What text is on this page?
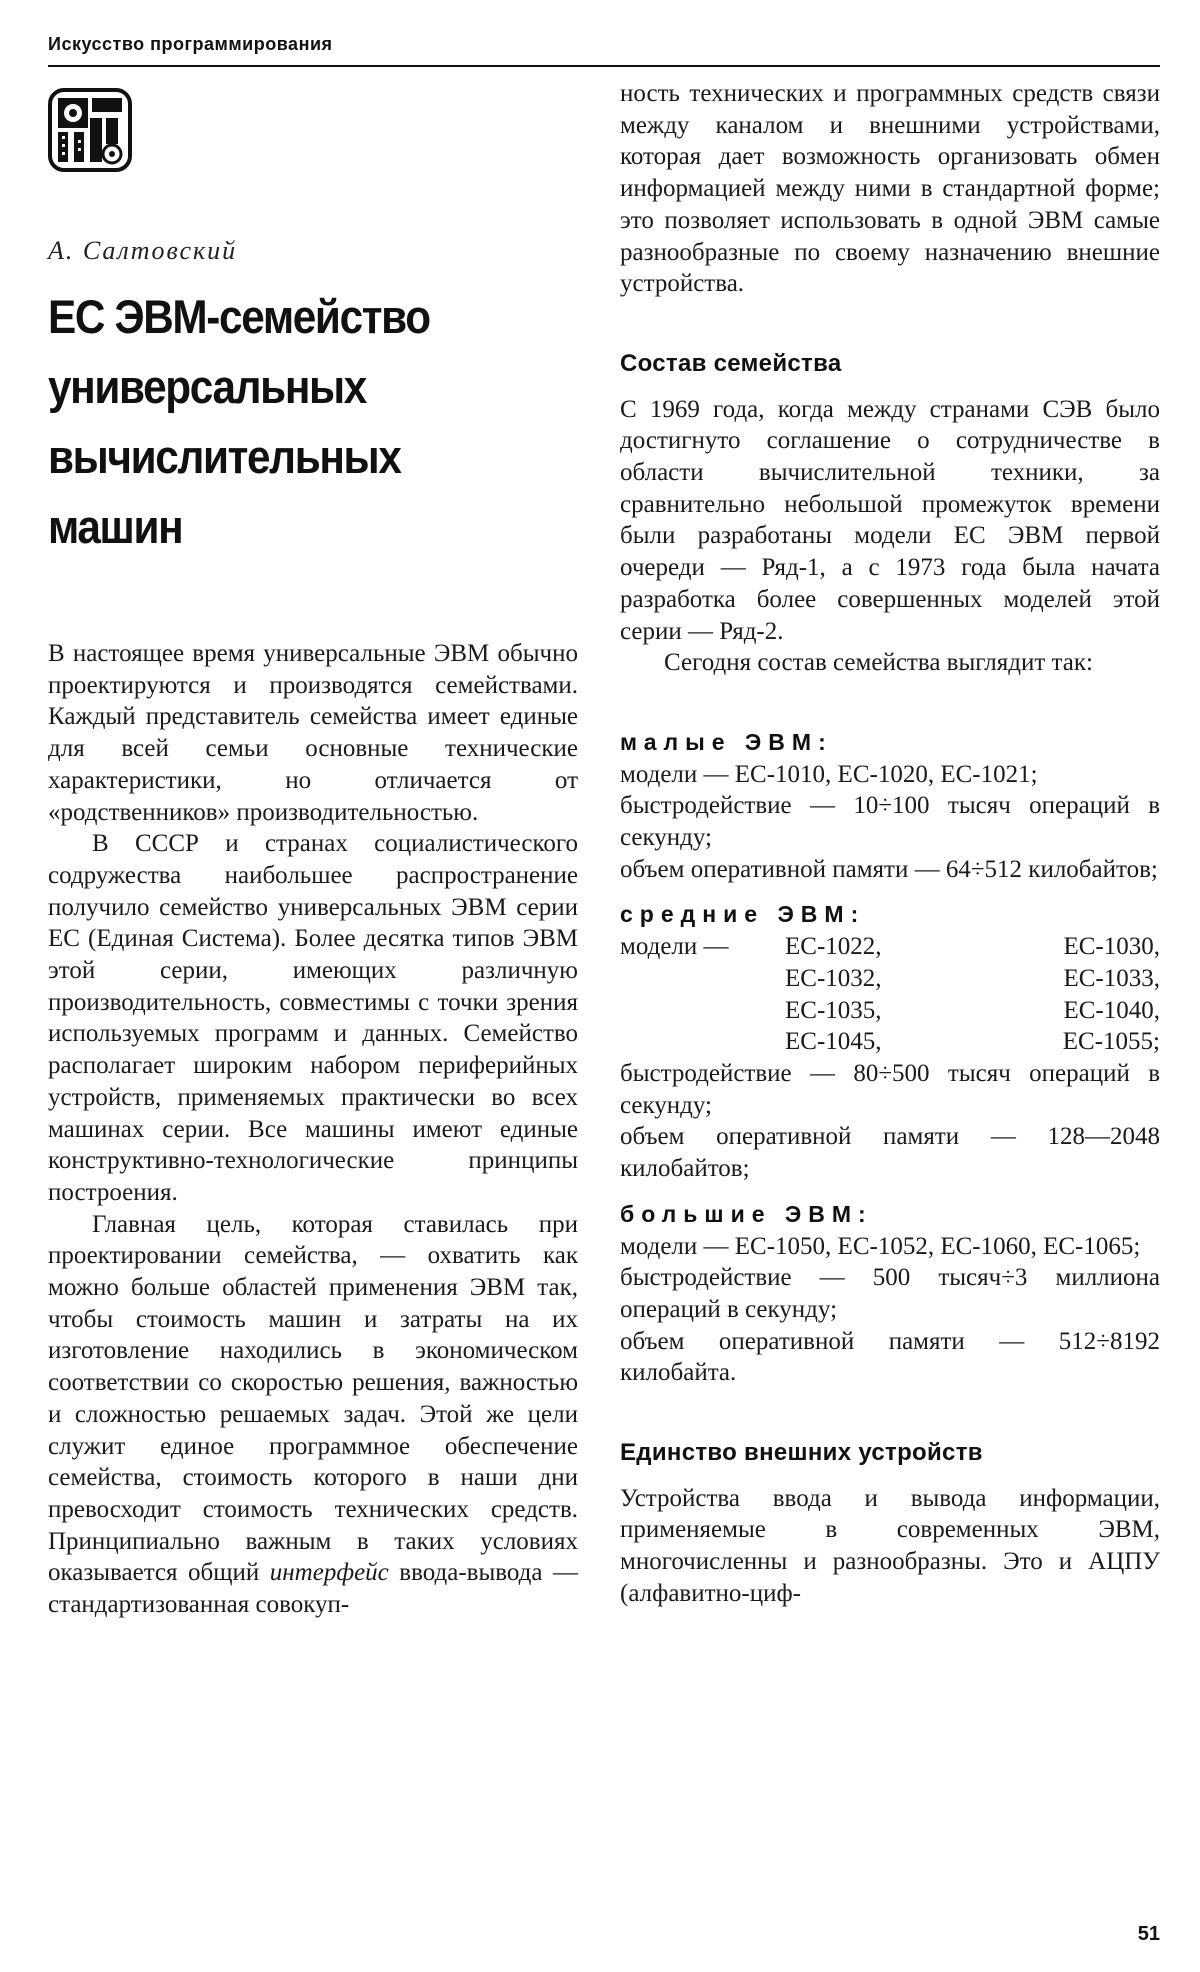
Искусство программирования
А. Салтовский
ЕС ЭВМ-семейство универсальных вычислительных машин

В настоящее время универсальные ЭВМ обычно проектируются и производятся семействами. Каждый представитель семейства имеет единые для всей семьи основные технические характеристики, но отличается от «родственников» производительностью.

В СССР и странах социалистического содружества наибольшее распространение получило семейство универсальных ЭВМ серии ЕС (Единая Система). Более десятка типов ЭВМ этой серии, имеющих различную производительность, совместимы с точки зрения используемых программ и данных. Семейство располагает широким набором периферийных устройств, применяемых практически во всех машинах серии. Все машины имеют единые конструктивно-технологические принципы построения.

Главная цель, которая ставилась при проектировании семейства, — охватить как можно больше областей применения ЭВМ так, чтобы стоимость машин и затраты на их изготовление находились в экономическом соответствии со скоростью решения, важностью и сложностью решаемых задач. Этой же цели служит единое программное обеспечение семейства, стоимость которого в наши дни превосходит стоимость технических средств. Принципиально важным в таких условиях оказывается общий интерфейс ввода-вывода — стандартизованная совокуп-

ность технических и программных средств связи между каналом и внешними устройствами, которая дает возможность организовать обмен информацией между ними в стандартной форме; это позволяет использовать в одной ЭВМ самые разнообразные по своему назначению внешние устройства.

Состав семейства

С 1969 года, когда между странами СЭВ было достигнуто соглашение о сотрудничестве в области вычислительной техники, за сравнительно небольшой промежуток времени были разработаны модели ЕС ЭВМ первой очереди — Ряд-1, а с 1973 года была начата разработка более совершенных моделей этой серии — Ряд-2.

Сегодня состав семейства выглядит так:

малые ЭВМ:

модели — ЕС-1010, ЕС-1020, ЕС-1021;

быстродействие — 10÷100 тысяч операций в секунду;

объем оперативной памяти — 64÷512 килобайтов;

средние ЭВМ:
модели —	ЕС-1022,	ЕС-1030,
ЕС-1032,	ЕС-1033,
ЕС-1035,	ЕС-1040,
ЕС-1045,	ЕС-1055;

быстродействие — 80÷500 тысяч операций в секунду;

объем оперативной памяти — 128—2048 килобайтов;

большие ЭВМ:

модели — ЕС-1050, ЕС-1052, ЕС-1060, ЕС-1065;

быстродействие — 500 тысяч÷3 миллиона операций в секунду;

объем оперативной памяти — 512÷8192 килобайта.

Единство внешних устройств

Устройства ввода и вывода информации, применяемые в современных ЭВМ, многочисленны и разнообразны. Это и АЦПУ (алфавитно-циф-

51
